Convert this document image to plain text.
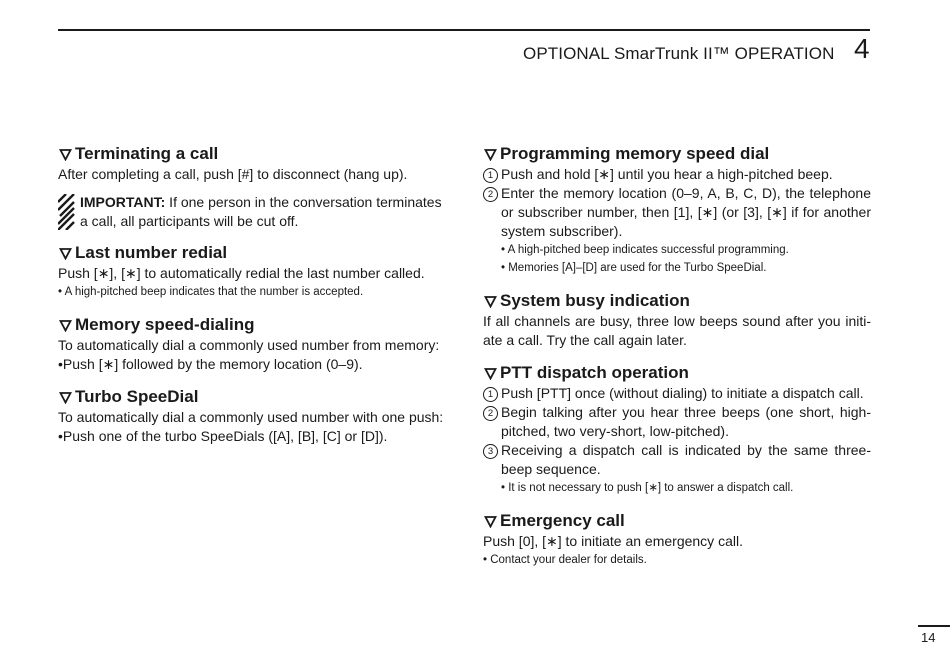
OPTIONAL SmarTrunk II™ OPERATION 4
Terminating a call

After completing a call, push [#] to disconnect (hang up).

IMPORTANT: If one person in the conversation terminates
a call, all participants will be cut off.
Last number redial

Push [∗], [∗] to automatically redial the last number called.

• A high-pitched beep indicates that the number is accepted.

Memory speed-dialing

To automatically dial a commonly used number from memory:

•Push [∗] followed by the memory location (0–9).

Turbo SpeeDial

To automatically dial a commonly used number with one push:

•Push one of the turbo SpeeDials ([A], [B], [C] or [D]).

Programming memory speed dial
1 Push and hold [∗] until you hear a high-pitched beep.
2 Enter the memory location (0–9, A, B, C, D), the telephone or subscriber number, then [1], [∗] (or [3], [∗] if for another system subscriber).

• A high-pitched beep indicates successful programming.

• Memories [A]–[D] are used for the Turbo SpeeDial.

System busy indication

If all channels are busy, three low beeps sound after you initi-ate a call. Try the call again later.

PTT dispatch operation
1 Push [PTT] once (without dialing) to initiate a dispatch call.
2 Begin talking after you hear three beeps (one short, high-pitched, two very-short, low-pitched).
3 Receiving a dispatch call is indicated by the same three-beep sequence.

• It is not necessary to push [∗] to answer a dispatch call.

Emergency call

Push [0], [∗] to initiate an emergency call.

• Contact your dealer for details.

14
